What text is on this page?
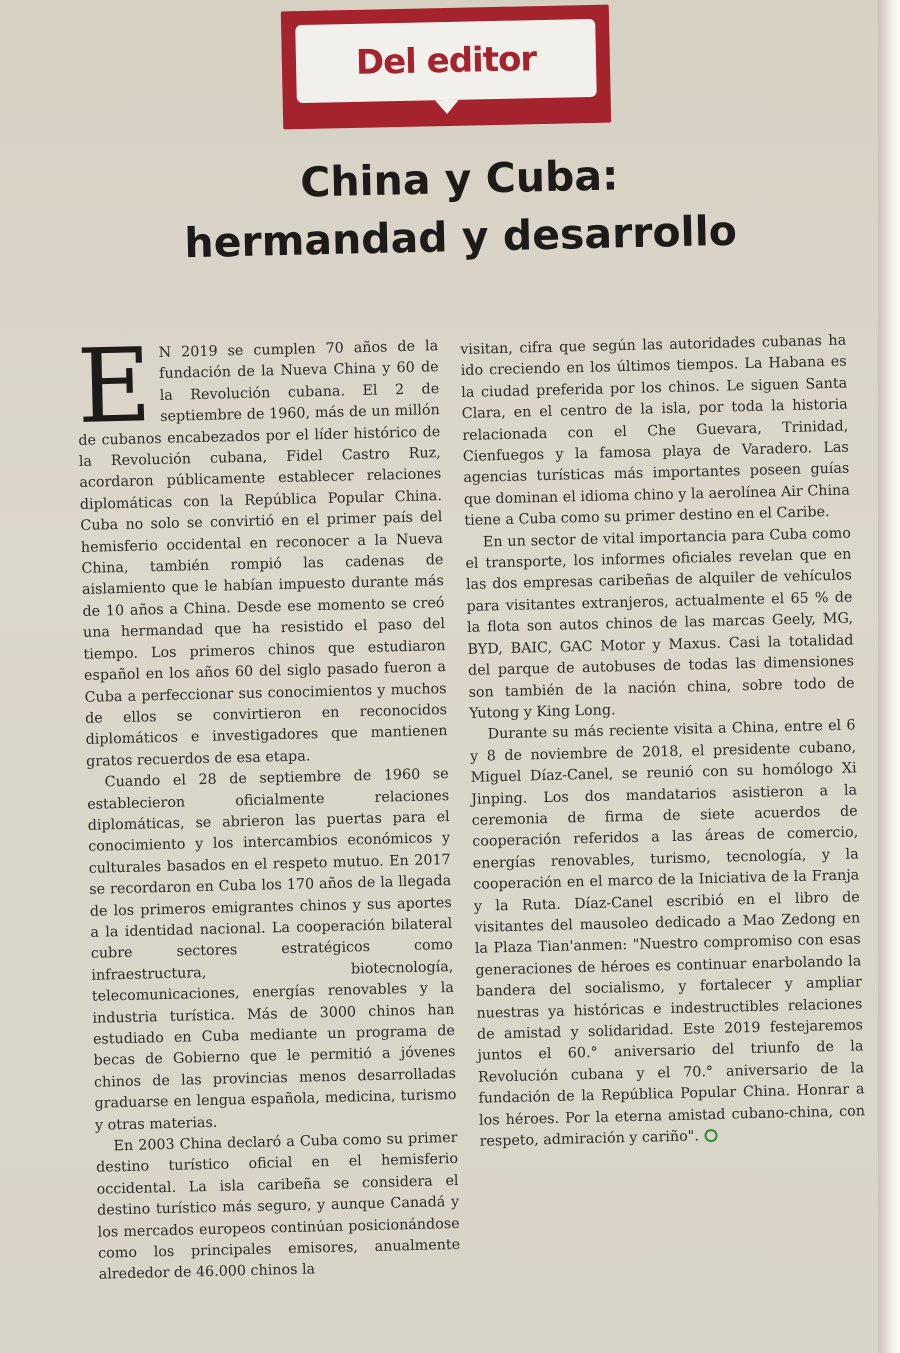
Del editor
China y Cuba:
hermandad y desarrollo

E N 2019 se cumplen 70 años de la fundación de la Nueva China y 60 de la Revolución cubana. El 2 de septiembre de 1960, más de un millón de cubanos encabezados por el líder histórico de la Revolución cubana, Fidel Castro Ruz, acordaron públicamente establecer relaciones diplomáticas con la República Popular China. Cuba no solo se convirtió en el primer país del hemisferio occidental en reconocer a la Nueva China, también rompió las cadenas de aislamiento que le habían impuesto durante más de 10 años a China. Desde ese momento se creó una hermandad que ha resistido el paso del tiempo. Los primeros chinos que estudiaron español en los años 60 del siglo pasado fueron a Cuba a perfeccionar sus conocimientos y muchos de ellos se convirtieron en reconocidos diplomáticos e investigadores que mantienen gratos recuerdos de esa etapa.

Cuando el 28 de septiembre de 1960 se establecieron oficialmente relaciones diplomáticas, se abrieron las puertas para el conocimiento y los intercambios económicos y culturales basados en el respeto mutuo. En 2017 se recordaron en Cuba los 170 años de la llegada de los primeros emigrantes chinos y sus aportes a la identidad nacional. La cooperación bilateral cubre sectores estratégicos como infraestructura, biotecnología, telecomunicaciones, energías renovables y la industria turística. Más de 3000 chinos han estudiado en Cuba mediante un programa de becas de Gobierno que le permitió a jóvenes chinos de las provincias menos desarrolladas graduarse en lengua española, medicina, turismo y otras materias.

En 2003 China declaró a Cuba como su primer destino turístico oficial en el hemisferio occidental. La isla caribeña se considera el destino turístico más seguro, y aunque Canadá y los mercados europeos continúan posicionándose como los principales emisores, anualmente alrededor de 46.000 chinos la

visitan, cifra que según las autoridades cubanas ha ido creciendo en los últimos tiempos. La Habana es la ciudad preferida por los chinos. Le siguen Santa Clara, en el centro de la isla, por toda la historia relacionada con el Che Guevara, Trinidad, Cienfuegos y la famosa playa de Varadero. Las agencias turísticas más importantes poseen guías que dominan el idioma chino y la aerolínea Air China tiene a Cuba como su primer destino en el Caribe.

En un sector de vital importancia para Cuba como el transporte, los informes oficiales revelan que en las dos empresas caribeñas de alquiler de vehículos para visitantes extranjeros, actualmente el 65 % de la flota son autos chinos de las marcas Geely, MG, BYD, BAIC, GAC Motor y Maxus. Casi la totalidad del parque de autobuses de todas las dimensiones son también de la nación china, sobre todo de Yutong y King Long.

Durante su más reciente visita a China, entre el 6 y 8 de noviembre de 2018, el presidente cubano, Miguel Díaz-Canel, se reunió con su homólogo Xi Jinping. Los dos mandatarios asistieron a la ceremonia de firma de siete acuerdos de cooperación referidos a las áreas de comercio, energías renovables, turismo, tecnología, y la cooperación en el marco de la Iniciativa de la Franja y la Ruta. Díaz-Canel escribió en el libro de visitantes del mausoleo dedicado a Mao Zedong en la Plaza Tian'anmen: "Nuestro compromiso con esas generaciones de héroes es continuar enarbolando la bandera del socialismo, y fortalecer y ampliar nuestras ya históricas e indestructibles relaciones de amistad y solidaridad. Este 2019 festejaremos juntos el 60.° aniversario del triunfo de la Revolución cubana y el 70.° aniversario de la fundación de la República Popular China. Honrar a los héroes. Por la eterna amistad cubano-china, con respeto, admiración y cariño".
